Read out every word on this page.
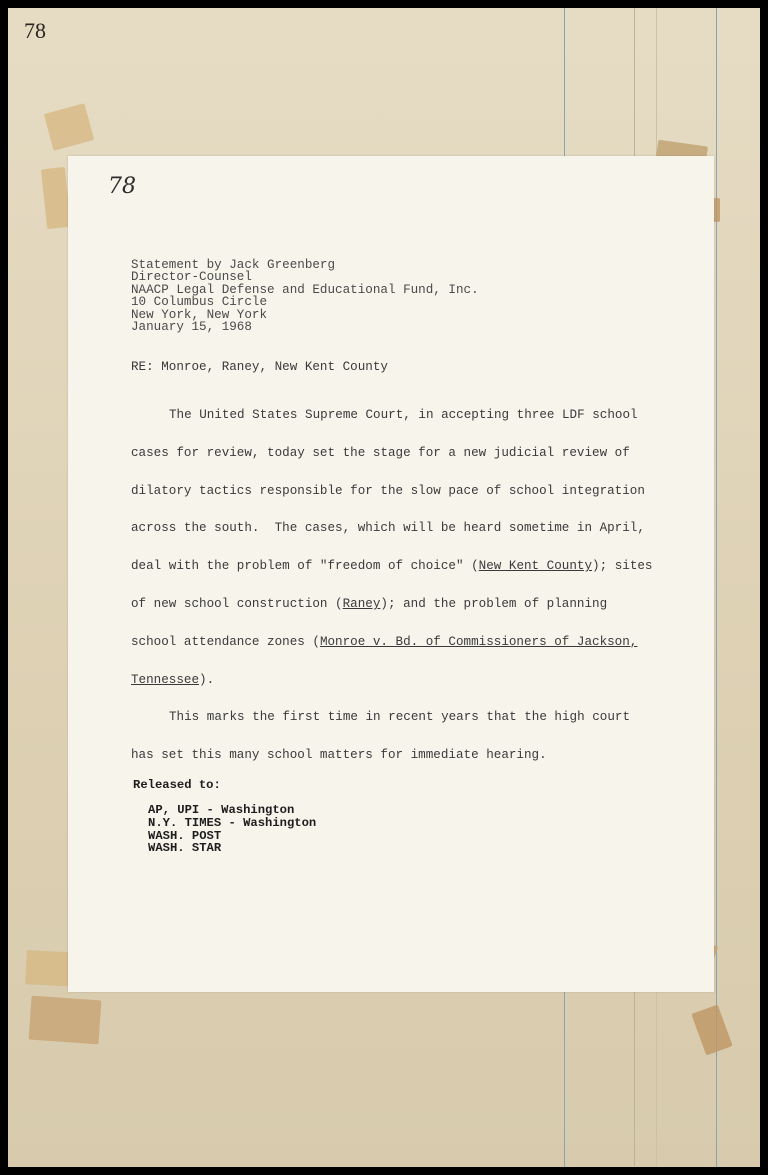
78
78
Statement by Jack Greenberg
Director-Counsel
NAACP Legal Defense and Educational Fund, Inc.
10 Columbus Circle
New York, New York
January 15, 1968
RE: Monroe, Raney, New Kent County
The United States Supreme Court, in accepting three LDF school
cases for review, today set the stage for a new judicial review of
dilatory tactics responsible for the slow pace of school integration
across the south.  The cases, which will be heard sometime in April,
deal with the problem of "freedom of choice" (New Kent County); sites
of new school construction (Raney); and the problem of planning
school attendance zones (Monroe v. Bd. of Commissioners of Jackson,
Tennessee).
This marks the first time in recent years that the high court
has set this many school matters for immediate hearing.
Released to:
AP, UPI - Washington
N.Y. TIMES - Washington
WASH. POST
WASH. STAR
